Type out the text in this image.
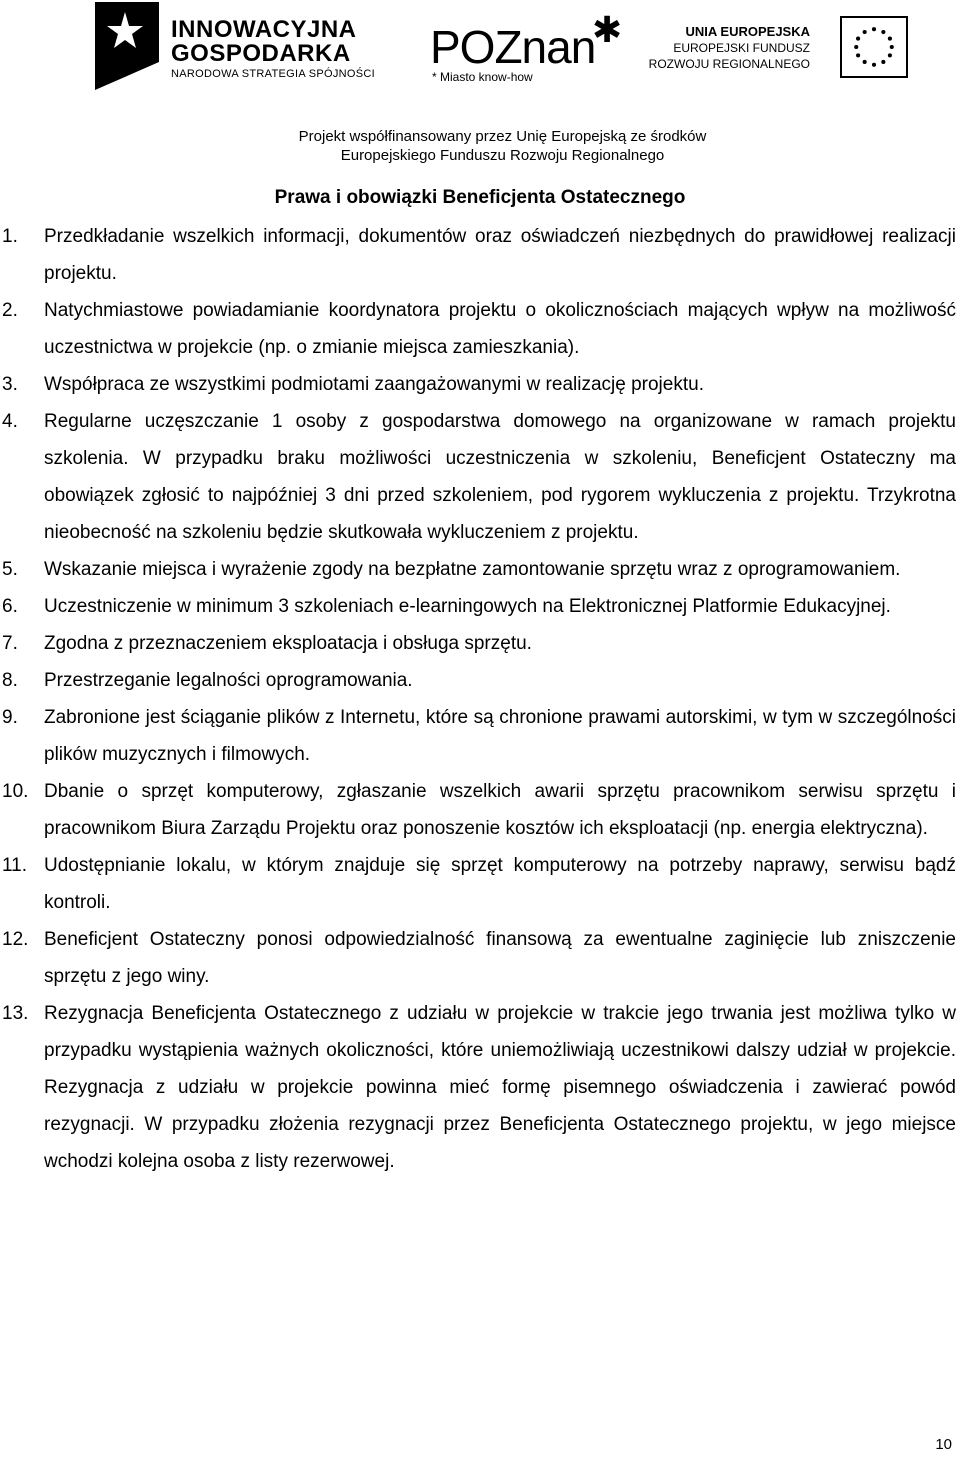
INNOWACYJNA
GOSPODARKA
NARODOWA STRATEGIA SPÓJNOŚCI
POZnan
✱
* Miasto know-how
UNIA EUROPEJSKA
EUROPEJSKI FUNDUSZ
ROZWOJU REGIONALNEGO
Projekt współfinansowany przez Unię Europejską ze środków
Europejskiego Funduszu Rozwoju Regionalnego
Prawa i obowiązki Beneficjenta Ostatecznego
1. Przedkładanie wszelkich informacji, dokumentów oraz oświadczeń niezbędnych do prawidłowej realizacji projektu.
2. Natychmiastowe powiadamianie koordynatora projektu o okolicznościach mających wpływ na możliwość uczestnictwa w projekcie (np. o zmianie miejsca zamieszkania).
3. Współpraca ze wszystkimi podmiotami zaangażowanymi w realizację projektu.
4. Regularne uczęszczanie 1 osoby z gospodarstwa domowego na organizowane w ramach projektu szkolenia. W przypadku braku możliwości uczestniczenia w szkoleniu, Beneficjent Ostateczny ma obowiązek zgłosić to najpóźniej 3 dni przed szkoleniem, pod rygorem wykluczenia z projektu. Trzykrotna nieobecność na szkoleniu będzie skutkowała wykluczeniem z projektu.
5. Wskazanie miejsca i wyrażenie zgody na bezpłatne zamontowanie sprzętu wraz z oprogramowaniem.
6. Uczestniczenie w minimum 3 szkoleniach e-learningowych na Elektronicznej Platformie Edukacyjnej.
7. Zgodna z przeznaczeniem eksploatacja i obsługa sprzętu.
8. Przestrzeganie legalności oprogramowania.
9. Zabronione jest ściąganie plików z Internetu, które są chronione prawami autorskimi, w tym w szczególności plików muzycznych i filmowych.
10. Dbanie o sprzęt komputerowy, zgłaszanie wszelkich awarii sprzętu pracownikom serwisu sprzętu i pracownikom Biura Zarządu Projektu oraz ponoszenie kosztów ich eksploatacji (np. energia elektryczna).
11. Udostępnianie lokalu, w którym znajduje się sprzęt komputerowy na potrzeby naprawy, serwisu bądź kontroli.
12. Beneficjent Ostateczny ponosi odpowiedzialność finansową za ewentualne zaginięcie lub zniszczenie sprzętu z jego winy.
13. Rezygnacja Beneficjenta Ostatecznego z udziału w projekcie w trakcie jego trwania jest możliwa tylko w przypadku wystąpienia ważnych okoliczności, które uniemożliwiają uczestnikowi dalszy udział w projekcie. Rezygnacja z udziału w projekcie powinna mieć formę pisemnego oświadczenia i zawierać powód rezygnacji. W przypadku złożenia rezygnacji przez Beneficjenta Ostatecznego projektu, w jego miejsce wchodzi kolejna osoba z listy rezerwowej.
10
